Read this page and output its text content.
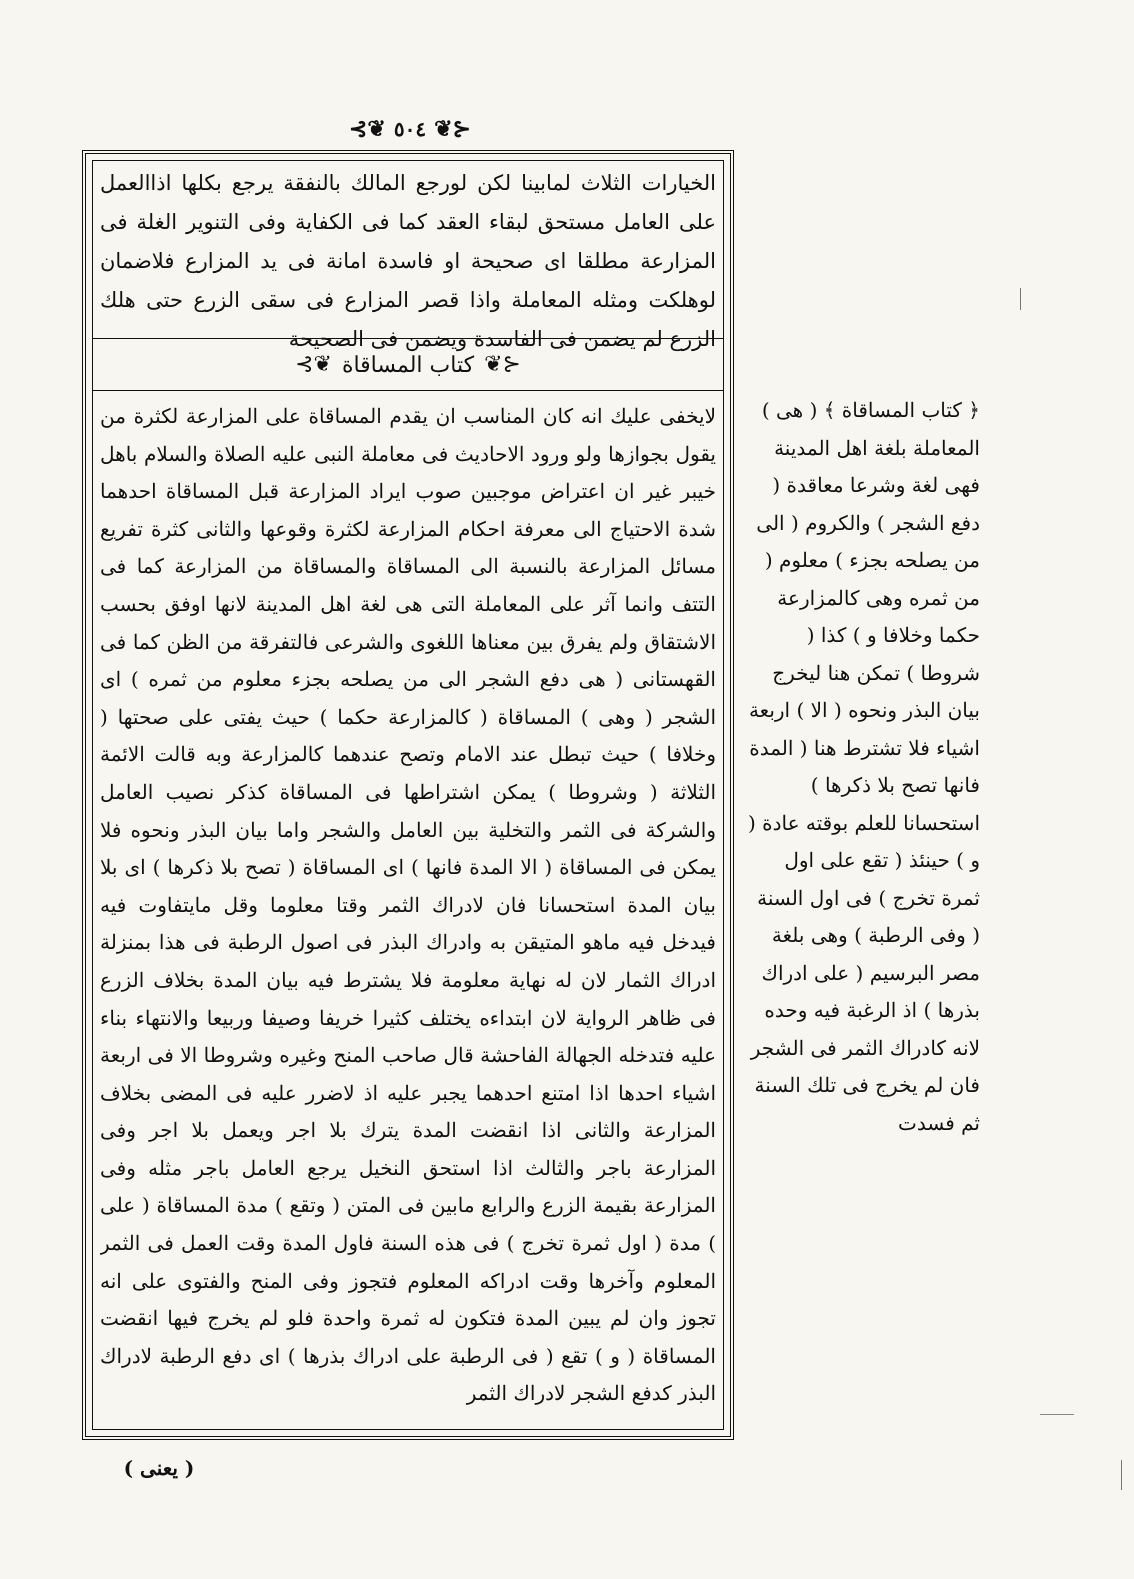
⊰❦ ٥٠٤ ❦⊱
الخيارات الثلاث لمابينا لكن لورجع المالك بالنفقة يرجع بكلها اذاالعمل على العامل مستحق لبقاء العقد كما فى الكفاية وفى التنوير الغلة فى المزارعة مطلقا اى صحيحة او فاسدة امانة فى يد المزارع فلاضمان لوهلكت ومثله المعاملة واذا قصر المزارع فى سقى الزرع حتى هلك الزرع لم يضمن فى الفاسدة ويضمن فى الصحيحة
⊰❦
كتاب المساقاة
❦⊱
لايخفى عليك انه كان المناسب ان يقدم المساقاة على المزارعة لكثرة من يقول بجوازها ولو ورود الاحاديث فى معاملة النبى عليه الصلاة والسلام باهل خيبر غير ان اعتراض موجبين صوب ايراد المزارعة قبل المساقاة احدهما شدة الاحتياج الى معرفة احكام المزارعة لكثرة وقوعها والثانى كثرة تفريع مسائل المزارعة بالنسبة الى المساقاة والمساقاة من المزارعة كما فى التتف وانما آثر على المعاملة التى هى لغة اهل المدينة لانها اوفق بحسب الاشتقاق ولم يفرق بين معناها اللغوى والشرعى فالتفرقة من الظن كما فى القهستانى ( هى دفع الشجر الى من يصلحه بجزء معلوم من ثمره ) اى الشجر ( وهى ) المساقاة ( كالمزارعة حكما ) حيث يفتى على صحتها ( وخلافا ) حيث تبطل عند الامام وتصح عندهما كالمزارعة وبه قالت الائمة الثلاثة ( وشروطا ) يمكن اشتراطها فى المساقاة كذكر نصيب العامل والشركة فى الثمر والتخلية بين العامل والشجر واما بيان البذر ونحوه فلا يمكن فى المساقاة ( الا المدة فانها ) اى المساقاة ( تصح بلا ذكرها ) اى بلا بيان المدة استحسانا فان لادراك الثمر وقتا معلوما وقل مايتفاوت فيه فيدخل فيه ماهو المتيقن به وادراك البذر فى اصول الرطبة فى هذا بمنزلة ادراك الثمار لان له نهاية معلومة فلا يشترط فيه بيان المدة بخلاف الزرع فى ظاهر الرواية لان ابتداءه يختلف كثيرا خريفا وصيفا وربيعا والانتهاء بناء عليه فتدخله الجهالة الفاحشة قال صاحب المنح وغيره وشروطا الا فى اربعة اشياء احدها اذا امتنع احدهما يجبر عليه اذ لاضرر عليه فى المضى بخلاف المزارعة والثانى اذا انقضت المدة يترك بلا اجر ويعمل بلا اجر وفى المزارعة باجر والثالث اذا استحق النخيل يرجع العامل باجر مثله وفى المزارعة بقيمة الزرع والرابع مابين فى المتن ( وتقع ) مدة المساقاة ( على ) مدة ( اول ثمرة تخرج ) فى هذه السنة فاول المدة وقت العمل فى الثمر المعلوم وآخرها وقت ادراكه المعلوم فتجوز وفى المنح والفتوى على انه تجوز وان لم يبين المدة فتكون له ثمرة واحدة فلو لم يخرج فيها انقضت المساقاة ( و ) تقع ( فى الرطبة على ادراك بذرها ) اى دفع الرطبة لادراك البذر كدفع الشجر لادراك الثمر
﴿ كتاب المساقاة ﴾ ( هى ) المعاملة بلغة اهل المدينة فهى لغة وشرعا معاقدة ( دفع الشجر ) والكروم ( الى من يصلحه بجزء ) معلوم ( من ثمره وهى كالمزارعة حكما وخلافا و ) كذا ( شروطا ) تمكن هنا ليخرج بيان البذر ونحوه ( الا ) اربعة اشياء فلا تشترط هنا ( المدة فانها تصح بلا ذكرها ) استحسانا للعلم بوقته عادة ( و ) حينئذ ( تقع على اول ثمرة تخرج ) فى اول السنة ( وفى الرطبة ) وهى بلغة مصر البرسيم ( على ادراك بذرها ) اذ الرغبة فيه وحده لانه كادراك الثمر فى الشجر فان لم يخرج فى تلك السنة ثم فسدت
( يعنى )
